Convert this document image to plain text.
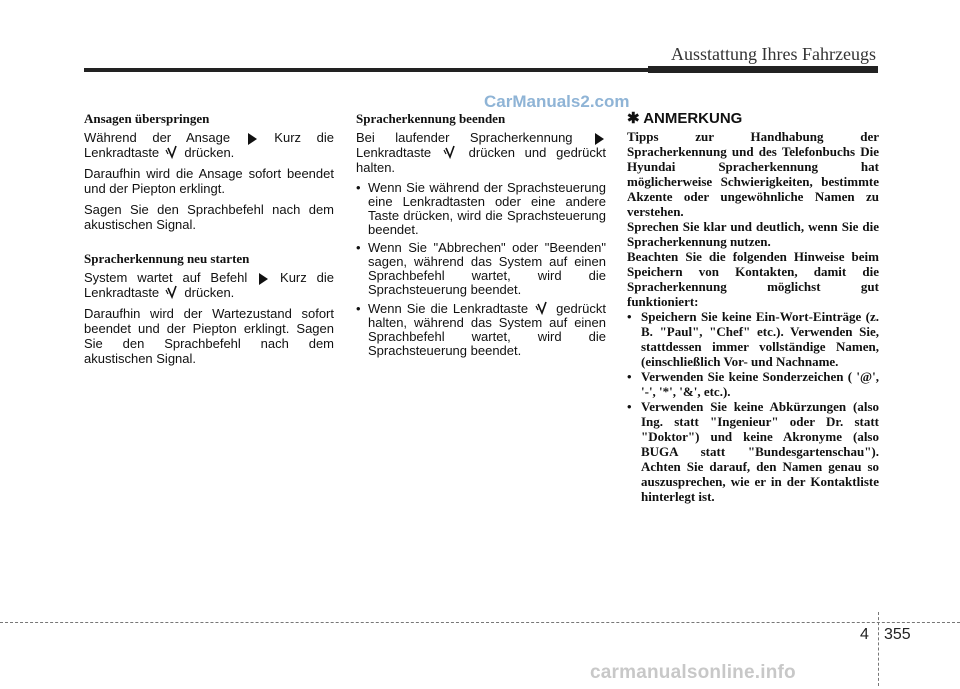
Ausstattung Ihres Fahrzeugs
CarManuals2.com
Ansagen überspringen

Während der Ansage	Kurz die Lenkradtaste drücken.

Daraufhin wird die Ansage sofort beendet und der Piepton erklingt.

Sagen Sie den Sprachbefehl nach dem akustischen Signal.

Spracherkennung neu starten

System wartet auf Befehl	Kurz die Lenkradtaste drücken.

Daraufhin wird der Wartezustand sofort beendet und der Piepton erklingt. Sagen Sie den Sprachbefehl nach dem akustischen Signal.

Spracherkennung beenden

Bei laufender Spracherkennung  Lenkradtaste	drücken und gedrückt halten.

• Wenn Sie während der Sprachsteuerung eine Lenkradtasten oder eine andere Taste drücken, wird die Sprachsteuerung beendet.
• Wenn Sie "Abbrechen" oder "Beenden" sagen, während das System auf einen Sprachbefehl wartet, wird die Sprachsteuerung beendet.
• Wenn Sie die Lenkradtaste gedrückt halten, während das System auf einen Sprachbefehl wartet, wird die Sprachsteuerung beendet.
✱ ANMERKUNG

Tipps zur Handhabung der Spracherkennung und des Telefonbuchs Die Hyundai Spracherkennung hat möglicherweise Schwierigkeiten, bestimmte Akzente oder ungewöhnliche Namen zu verstehen.

Sprechen Sie klar und deutlich, wenn Sie die Spracherkennung nutzen.

Beachten Sie die folgenden Hinweise beim Speichern von Kontakten, damit die Spracherkennung möglichst gut funktioniert:

• Speichern Sie keine Ein-Wort-Einträge (z. B. "Paul", "Chef" etc.). Verwenden Sie, stattdessen immer vollständige Namen, (einschließlich Vor- und Nachname.
• Verwenden Sie keine Sonderzeichen ( '@', '-', '*', '&', etc.).
• Verwenden Sie keine Abkürzungen (also Ing. statt "Ingenieur" oder Dr. statt "Doktor") und keine Akronyme (also BUGA statt "Bundesgartenschau"). Achten Sie darauf, den Namen genau so auszusprechen, wie er in der Kontaktliste hinterlegt ist.
4 355
carmanualsonline.info
